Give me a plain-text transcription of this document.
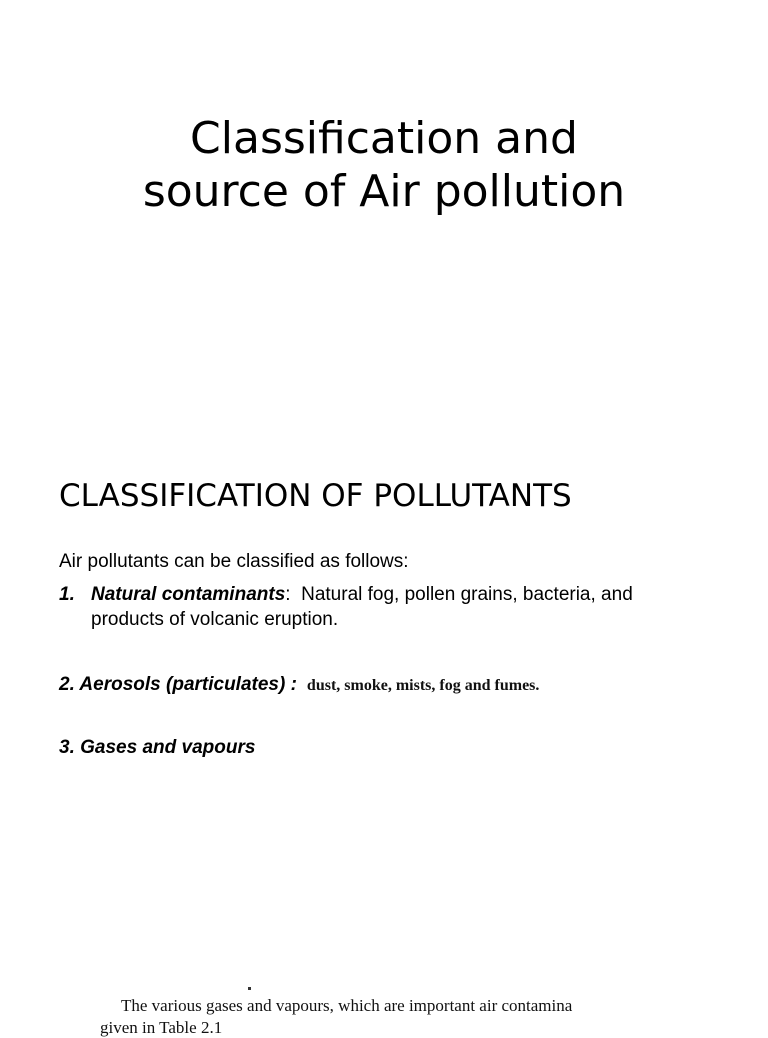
Classification and
source of Air pollution
CLASSIFICATION OF POLLUTANTS
Air pollutants can be classified as follows:
1. Natural contaminants: Natural fog, pollen grains, bacteria, and
products of volcanic eruption.
2. Aerosols (particulates) : dust, smoke, mists, fog and fumes.
3. Gases and vapours
The various gases and vapours, which are important air contamina
given in Table 2.1
